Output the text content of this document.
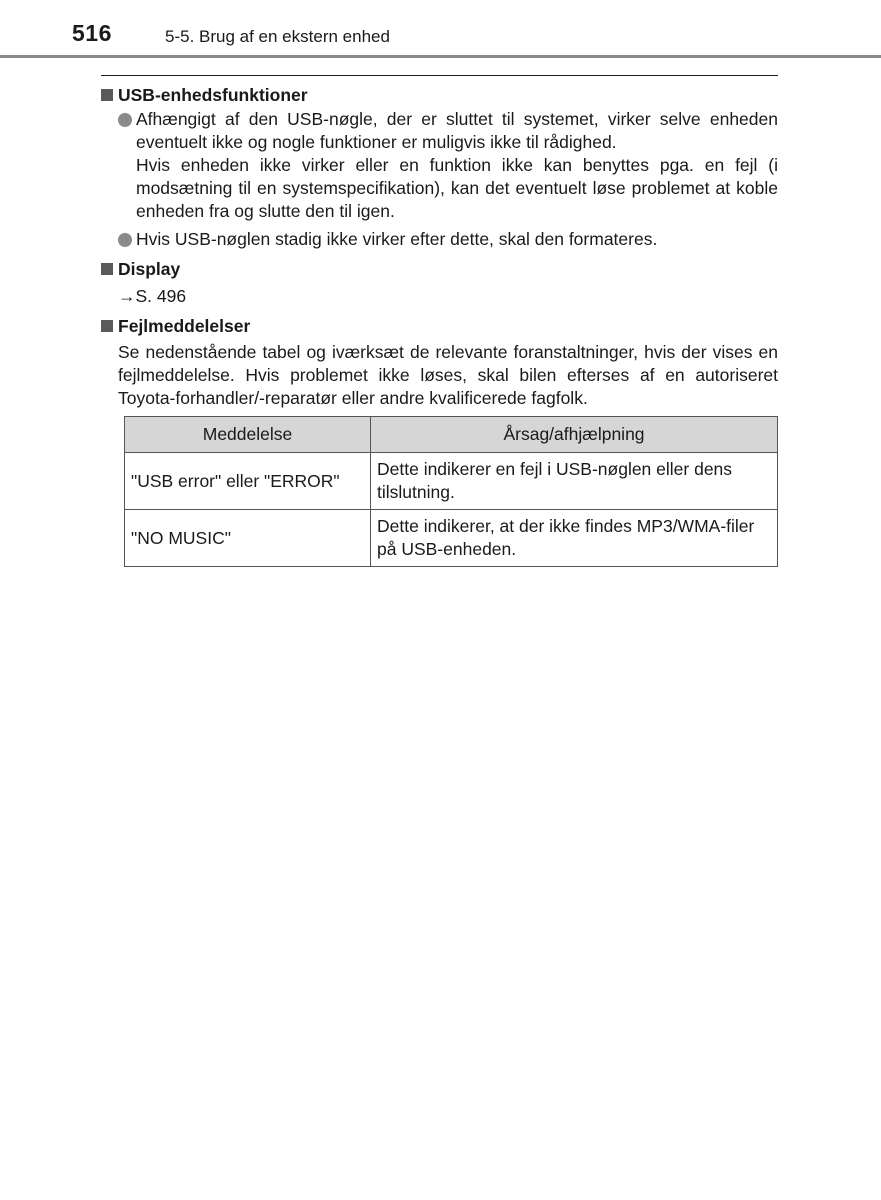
516	5-5. Brug af en ekstern enhed
USB-enhedsfunktioner

Afhængigt af den USB-nøgle, der er sluttet til systemet, virker selve enheden eventuelt ikke og nogle funktioner er muligvis ikke til rådighed.

Hvis enheden ikke virker eller en funktion ikke kan benyttes pga. en fejl (i modsætning til en systemspecifikation), kan det eventuelt løse problemet at koble enheden fra og slutte den til igen.

Hvis USB-nøglen stadig ikke virker efter dette, skal den formateres.

Display
→S. 496
Fejlmeddelelser

Se nedenstående tabel og iværksæt de relevante foranstaltninger, hvis der vises en fejlmeddelelse. Hvis problemet ikke løses, skal bilen efterses af en autoriseret Toyota-forhandler/-reparatør eller andre kvalificerede fagfolk.

Meddelelse	Årsag/afhjælpning
"USB error" eller "ERROR"	Dette indikerer en fejl i USB-nøglen eller dens tilslutning.
"NO MUSIC"	Dette indikerer, at der ikke findes MP3/WMA-filer på USB-enheden.
